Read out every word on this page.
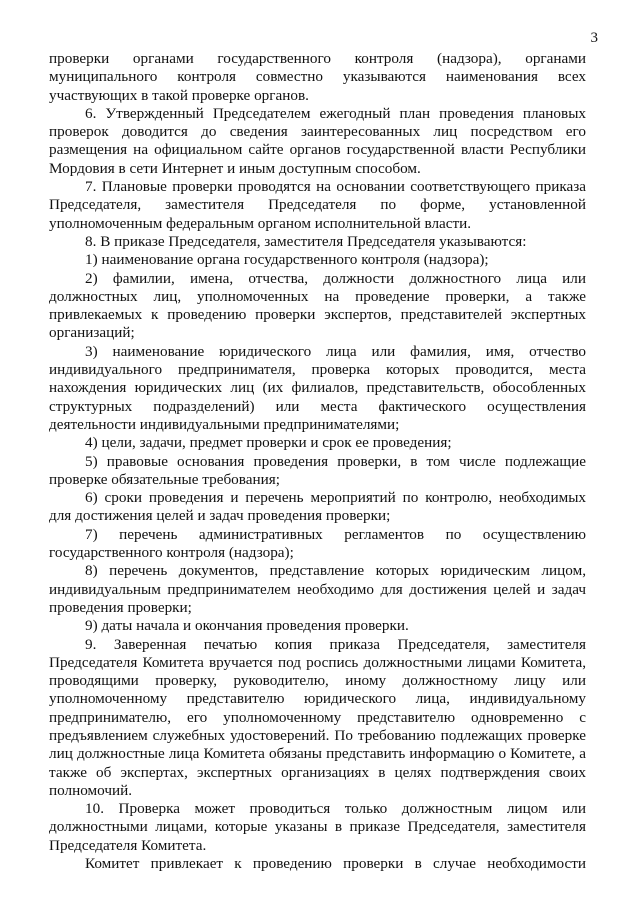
3

проверки органами государственного контроля (надзора), органами муниципального контроля совместно указываются наименования всех участвующих в такой проверке органов.

6. Утвержденный Председателем ежегодный план проведения плановых проверок доводится до сведения заинтересованных лиц посредством его размещения на официальном сайте органов государственной власти Республики Мордовия в сети Интернет и иным доступным способом.

7. Плановые проверки проводятся на основании соответствующего приказа Председателя, заместителя Председателя по форме, установленной уполномоченным федеральным органом исполнительной власти.

8. В приказе Председателя, заместителя Председателя указываются:

1) наименование органа государственного контроля (надзора);

2) фамилии, имена, отчества, должности должностного лица или должностных лиц, уполномоченных на проведение проверки, а также привлекаемых к проведению проверки экспертов, представителей экспертных организаций;

3) наименование юридического лица или фамилия, имя, отчество индивидуального предпринимателя, проверка которых проводится, места нахождения юридических лиц (их филиалов, представительств, обособленных структурных подразделений) или места фактического осуществления деятельности индивидуальными предпринимателями;

4) цели, задачи, предмет проверки и срок ее проведения;

5) правовые основания проведения проверки, в том числе подлежащие проверке обязательные требования;

6) сроки проведения и перечень мероприятий по контролю, необходимых для достижения целей и задач проведения проверки;

7) перечень административных регламентов по осуществлению государственного контроля (надзора);

8) перечень документов, представление которых юридическим лицом, индивидуальным предпринимателем необходимо для достижения целей и задач проведения проверки;

9) даты начала и окончания проведения проверки.

9. Заверенная печатью копия приказа Председателя, заместителя Председателя Комитета вручается под роспись должностными лицами Комитета, проводящими проверку, руководителю, иному должностному лицу или уполномоченному представителю юридического лица, индивидуальному предпринимателю, его уполномоченному представителю одновременно с предъявлением служебных удостоверений. По требованию подлежащих проверке лиц должностные лица Комитета обязаны представить информацию о Комитете, а также об экспертах, экспертных организациях в целях подтверждения своих полномочий.

10. Проверка может проводиться только должностным лицом или должностными лицами, которые указаны в приказе Председателя, заместителя Председателя Комитета.

Комитет привлекает к проведению проверки в случае необходимости
